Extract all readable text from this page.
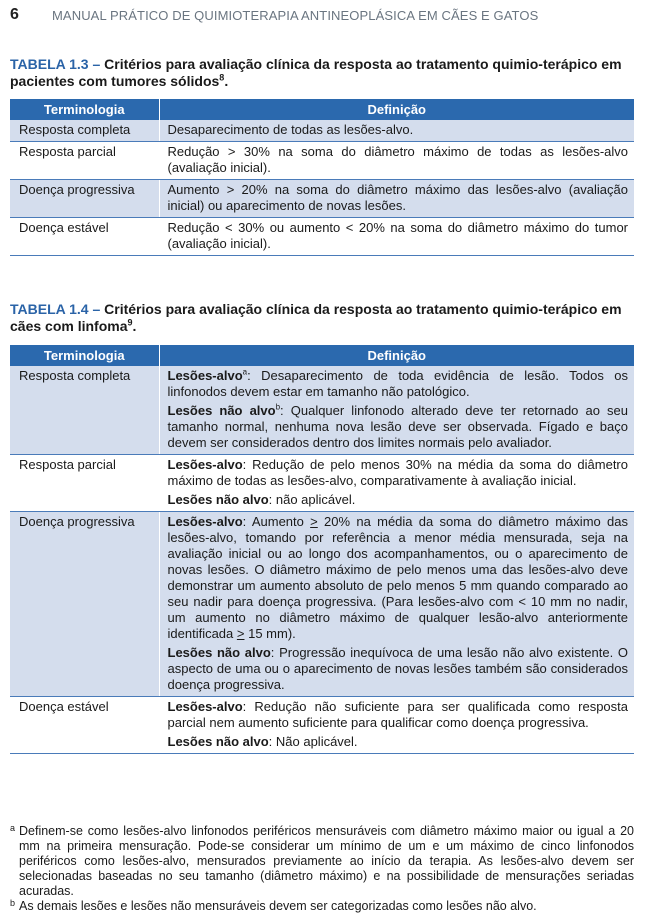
6	MANUAL PRÁTICO DE QUIMIOTERAPIA ANTINEOPLÁSICA EM CÃES E GATOS
TABELA 1.3 – Critérios para avaliação clínica da resposta ao tratamento quimio-terápico em pacientes com tumores sólidos$^8$.
Terminologia	Definição
Resposta completa	Desaparecimento de todas as lesões-alvo.
Resposta parcial	Redução > 30% na soma do diâmetro máximo de todas as lesões-alvo (avaliação inicial).
Doença progressiva	Aumento > 20% na soma do diâmetro máximo das lesões-alvo (avaliação inicial) ou aparecimento de novas lesões.
Doença estável	Redução < 30% ou aumento < 20% na soma do diâmetro máximo do tumor (avaliação inicial).
TABELA 1.4 – Critérios para avaliação clínica da resposta ao tratamento quimio-terápico em cães com linfoma$^9$.
Terminologia	Definição
Resposta completa	Lesões-alvo$^a$: Desaparecimento de toda evidência de lesão. Todos os linfonodos devem estar em tamanho não patológico.

Lesões não alvo$^b$: Qualquer linfonodo alterado deve ter retornado ao seu tamanho normal, nenhuma nova lesão deve ser observada. Fígado e baço devem ser considerados dentro dos limites normais pelo avaliador.

Resposta parcial	Lesões-alvo: Redução de pelo menos 30% na média da soma do diâmetro máximo de todas as lesões-alvo, comparativamente à avaliação inicial.

Lesões não alvo: não aplicável.

Doença progressiva	Lesões-alvo: Aumento > 20% na média da soma do diâmetro máximo das lesões-alvo, tomando por referência a menor média mensurada, seja na avaliação inicial ou ao longo dos acompanhamentos, ou o aparecimento de novas lesões. O diâmetro máximo de pelo menos uma das lesões-alvo deve demonstrar um aumento absoluto de pelo menos 5 mm quando comparado ao seu nadir para doença progressiva. (Para lesões-alvo com < 10 mm no nadir, um aumento no diâmetro máximo de qualquer lesão-alvo anteriormente identificada > 15 mm).

Lesões não alvo: Progressão inequívoca de uma lesão não alvo existente. O aspecto de uma ou o aparecimento de novas lesões também são considerados doença progressiva.

Doença estável	Lesões-alvo: Redução não suficiente para ser qualificada como resposta parcial nem aumento suficiente para qualificar como doença progressiva.

Lesões não alvo: Não aplicável.

a Definem-se como lesões-alvo linfonodos periféricos mensuráveis com diâmetro máximo maior ou igual a 20 mm na primeira mensuração. Pode-se considerar um mínimo de um e um máximo de cinco linfonodos periféricos como lesões-alvo, mensurados previamente ao início da terapia. As lesões-alvo devem ser selecionadas baseadas no seu tamanho (diâmetro máximo) e na possibilidade de mensurações seriadas acuradas.

b As demais lesões e lesões não mensuráveis devem ser categorizadas como lesões não alvo.
